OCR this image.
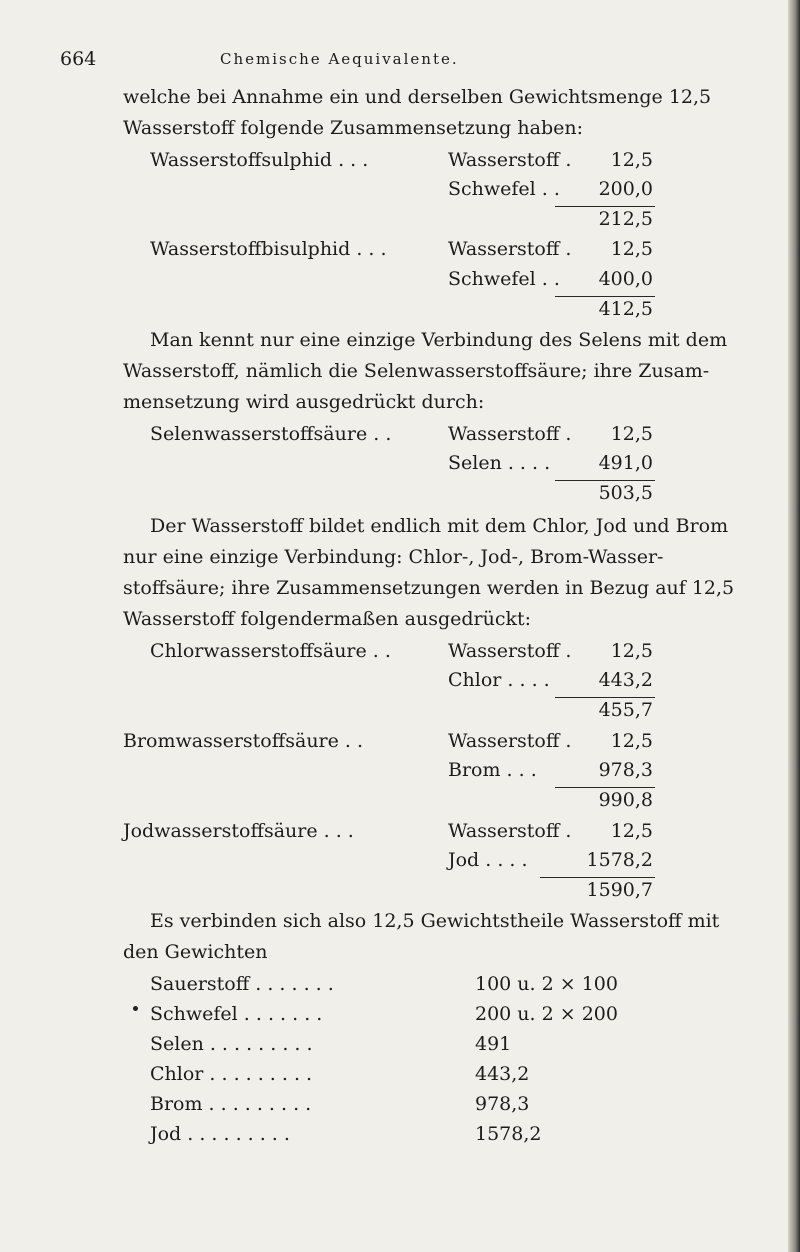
664	Chemische Aequivalente.
welche bei Annahme ein und derselben Gewichtsmenge 12,5
Wasserstoff folgende Zusammensetzung haben:
Wasserstoffsulphid . . .	Wasserstoff .	12,5
Schwefel . .	200,0
212,5
Wasserstoffbisulphid . . .	Wasserstoff .	12,5
Schwefel . .	400,0
412,5
Man kennt nur eine einzige Verbindung des Selens mit dem
Wasserstoff, nämlich die Selenwasserstoffsäure; ihre Zusam-
mensetzung wird ausgedrückt durch:
Selenwasserstoffsäure . .	Wasserstoff .	12,5
Selen . . . .	491,0
503,5
Der Wasserstoff bildet endlich mit dem Chlor, Jod und Brom
nur eine einzige Verbindung: Chlor-, Jod-, Brom-Wasser-
stoffsäure; ihre Zusammensetzungen werden in Bezug auf 12,5
Wasserstoff folgendermaßen ausgedrückt:
Chlorwasserstoffsäure . .	Wasserstoff .	12,5
Chlor . . . .	443,2
455,7
Bromwasserstoffsäure . .	Wasserstoff .	12,5
Brom . . .	978,3
990,8
Jodwasserstoffsäure . . .	Wasserstoff .	12,5
Jod . . . .	1578,2
1590,7
Es verbinden sich also 12,5 Gewichtstheile Wasserstoff mit
den Gewichten
Sauerstoff . . . . . . .	100 u. 2 × 100
Schwefel . . . . . . .	200 u. 2 × 200
Selen . . . . . . . . .	491
Chlor . . . . . . . . .	443,2
Brom . . . . . . . . .	978,3
Jod . . . . . . . . .	1578,2
